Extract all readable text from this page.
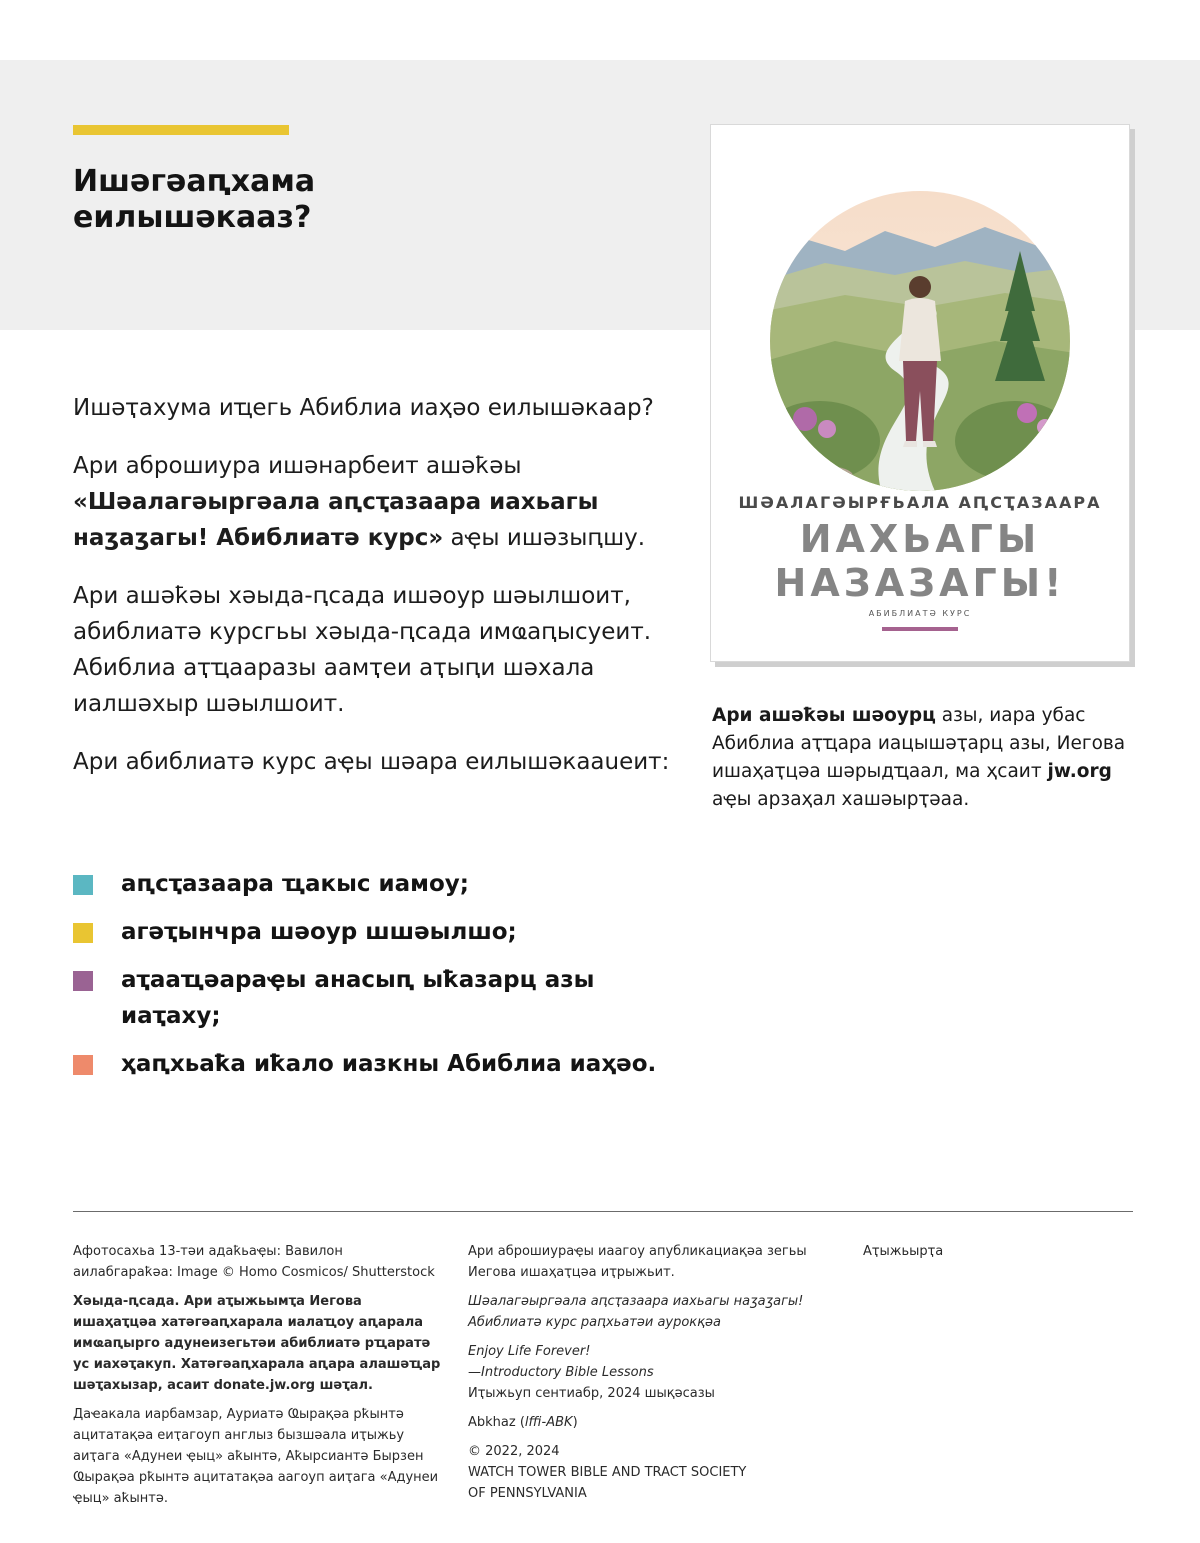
Ишәгәаԥхама
еилышәкааз?

Ишәҭахума иҵегь Абиблиа иаҳәо еилышәкаар?

Ари аброшиура ишәнарбеит ашәҟәы «Шәалагәыргәала аԥсҭазаара иахьагы наӡаӡагы! Абиблиатә курс» аҿы ишәзыԥшу.

Ари ашәҟәы хәыда-ԥсада ишәоур шәылшоит, абиблиатә курсгьы хәыда-ԥсада имҩаԥысуеит. Абиблиа аҭҵааразы аамҭеи аҭыԥи шәхала иалшәхыр шәылшоит.

Ари абиблиатә курс аҿы шәара еилышәкааueит:

аԥсҭазаара ҵакыс иамоу;
агәҭынчра шәоур шшәылшо;
аҭааҵәараҿы анасыԥ ыҟазарц азы иаҭаху;
ҳаԥхьаҟа иҟало иазкны Абиблиа иаҳәо.
ШӘАЛАГӘЫРҒЬАЛА АԤСҬАЗААРА
ИАХЬАГЫ
НАЗАЗАГЫ!
АБИБЛИАТӘ КУРС
Ари ашәҟәы шәоурц азы, иара убас Абиблиа аҭҵара иацышәҭарц азы, Иегова ишаҳаҭцәа шәрыдҵаал, ма ҳсаит jw.org аҿы арзаҳал хашәырҭәаа.

Афотосахьа 13-тәи адаҟьаҿы: Вавилон аилабгараҟәа: Image © Homo Cosmicos/ Shutterstock

Хәыда-ԥсада. Ари аҭыжьымҭа Иегова ишаҳаҭцәа хатәгәаԥхарала иалаҵоу аԥарала имҩаԥырго адунеизегьтәи абиблиатә рҵаратә ус иахәҭакуп. Хатәгәаԥхарала аԥара алашәҵар шәҭахызар, асаит donate.jw.org шәҭал.

Даҽакала иарбамзар, Ауриатә Ҩырақәа рҟынтә ацитатақәа еиҭагоуп англыз бызшәала иҭыжьу аиҭага «Адунеи ҿыц» аҟынтә, Аҟырсиантә Бырзен Ҩырақәа рҟынтә ацитатақәа аагоуп аиҭага «Адунеи ҿыц» аҟынтә.

Ари аброшиураҿы иаагоу апубликациақәа зегьы Иегова ишаҳаҭцәа иҭрыжьит.

Шәалагәыргәала аԥсҭазаара иахьагы наӡаӡагы! Абиблиатә курс раԥхьатәи аурокқәа

Enjoy Life Forever!
—Introductory Bible Lessons
Иҭыжьуп сентиабр, 2024 шықәсазы

Abkhaz (lffi-ABK)

© 2022, 2024
WATCH TOWER BIBLE AND TRACT SOCIETY
OF PENNSYLVANIA

Аҭыжьырҭа
